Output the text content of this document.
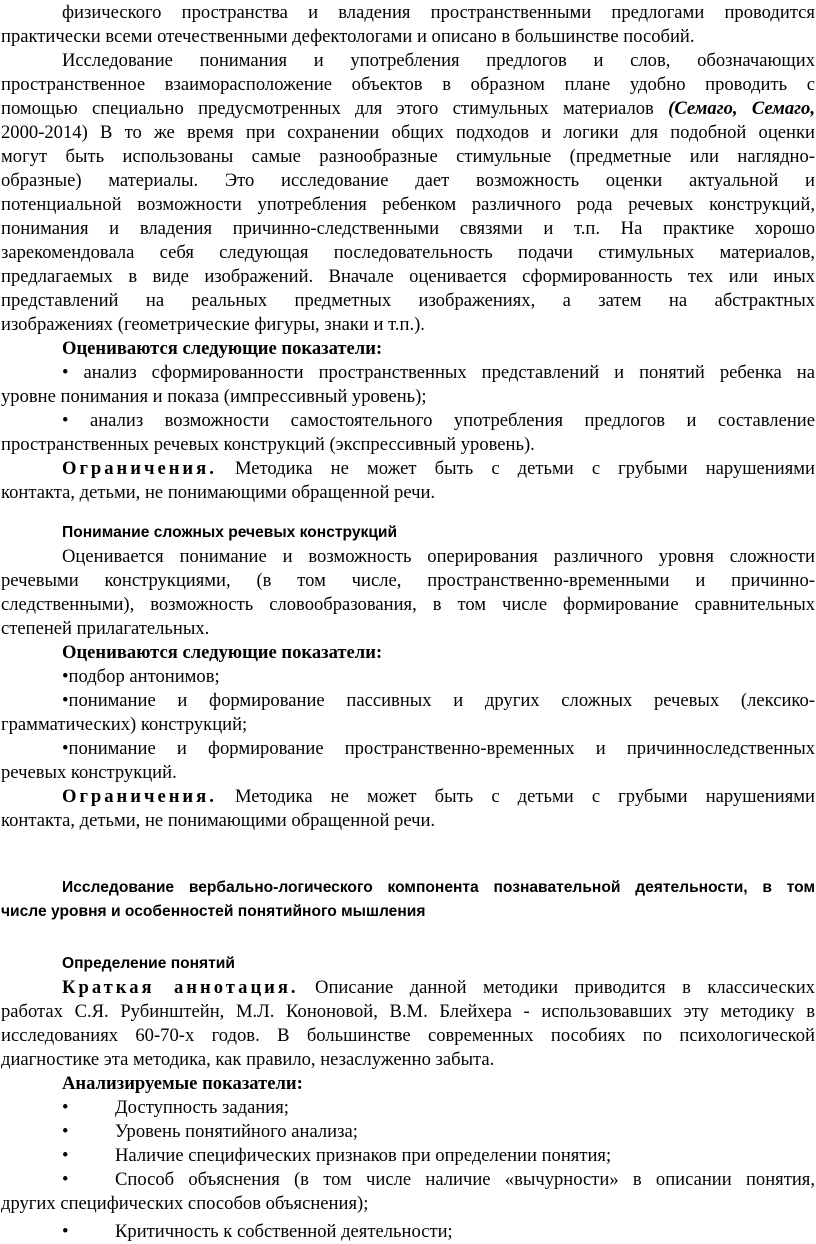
физического пространства и владения пространственными предлогами проводится
практически всеми отечественными дефектологами и описано в большинстве пособий.
Исследование понимания и употребления предлогов и слов, обозначающих
пространственное взаиморасположение объектов в образном плане удобно проводить с
помощью специально предусмотренных для этого стимульных материалов (Семаго, Семаго,
2000-2014) В то же время при сохранении общих подходов и логики для подобной оценки
могут быть использованы самые разнообразные стимульные (предметные или наглядно-
образные) материалы. Это исследование дает возможность оценки актуальной и
потенциальной возможности употребления ребенком различного рода речевых конструкций,
понимания и владения причинно-следственными связями и т.п. На практике хорошо
зарекомендовала себя следующая последовательность подачи стимульных материалов,
предлагаемых в виде изображений. Вначале оценивается сформированность тех или иных
представлений на реальных предметных изображениях, а затем на абстрактных
изображениях (геометрические фигуры, знаки и т.п.).
Оцениваются следующие показатели:
• анализ сформированности пространственных представлений и понятий ребенка на
уровне понимания и показа (импрессивный уровень);
• анализ возможности самостоятельного употребления предлогов и составление
пространственных речевых конструкций (экспрессивный уровень).
Ограничения. Методика не может быть с детьми с грубыми нарушениями
контакта, детьми, не понимающими обращенной речи.
Понимание сложных речевых конструкций
Оценивается понимание и возможность оперирования различного уровня сложности
речевыми конструкциями, (в том числе, пространственно-временными и причинно-
следственными), возможность словообразования, в том числе формирование сравнительных
степеней прилагательных.
Оцениваются следующие показатели:
•подбор антонимов;
•понимание и формирование пассивных и других сложных речевых (лексико-
грамматических) конструкций;
•понимание и формирование пространственно-временных и причинноследственных
речевых конструкций.
Ограничения. Методика не может быть с детьми с грубыми нарушениями
контакта, детьми, не понимающими обращенной речи.
Исследование вербально-логического компонента познавательной деятельности, в том
числе уровня и особенностей понятийного мышления
Определение понятий
Краткая аннотация. Описание данной методики приводится в классических
работах С.Я. Рубинштейн, М.Л. Кононовой, В.М. Блейхера - использовавших эту методику в
исследованиях 60-70-х годов. В большинстве современных пособиях по психологической
диагностике эта методика, как правило, незаслуженно забыта.
Анализируемые показатели:
• Доступность задания;
• Уровень понятийного анализа;
• Наличие специфических признаков при определении понятия;
• Способ объяснения (в том числе наличие «вычурности» в описании понятия,
других специфических способов объяснения);
• Критичность к собственной деятельности;
